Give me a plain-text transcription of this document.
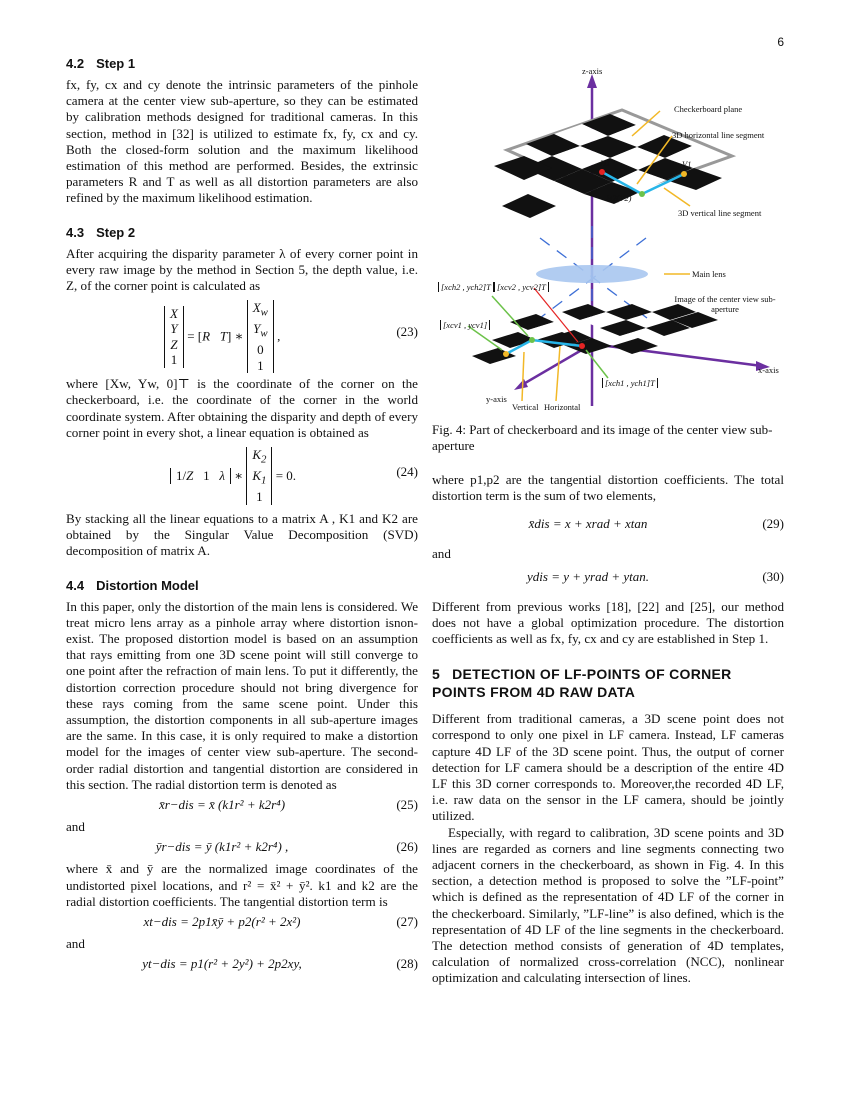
6
4.2 Step 1

fx, fy, cx and cy denote the intrinsic parameters of the pinhole camera at the center view sub-aperture, so they can be estimated by calibration methods designed for traditional cameras. In this section, method in [32] is utilized to estimate fx, fy, cx and cy. Both the closed-form solution and the maximum likelihood estimation of this method are performed. Besides, the extrinsic parameters R and T as well as all distortion parameters are also refined by the maximum likelihood estimation.

4.3 Step 2

After acquiring the disparity parameter λ of every corner point in every raw image by the method in Section 5, the depth value, i.e. Z, of the corner point is calculated as

X
Y
Z
1 = [R   T] ∗ $X_w$
$Y_w$
0
1 ,	(23)

where [Xw, Yw, 0]⊤ is the coordinate of the corner on the checkerboard, i.e. the coordinate of the corner in the world coordinate system. After obtaining the disparity and depth of every corner point in every shot, a linear equation is obtained as

1/Z   1   λ ∗ $K_2$
$K_1$
1 = 0.	(24)

By stacking all the linear equations to a matrix A , K1 and K2 are obtained by the Singular Value Decomposition (SVD) decomposition of matrix A.

4.4 Distortion Model

In this paper, only the distortion of the main lens is considered. We treat micro lens array as a pinhole array where distortion isnon-exist. The proposed distortion model is based on an assumption that rays emitting from one 3D scene point will still converge to one point after the refraction of main lens. To put it differently, the distortion correction procedure should not bring divergence for these rays coming from the same scene point. Under this assumption, the distortion components in all sub-aperture images are the same. In this case, it is only required to make a distortion model for the images of center view sub-aperture. The second-order radial distortion and tangential distortion are considered in this section. The radial distortion term is denoted as

x̄r−dis = x̄ (k1r² + k2r⁴)	(25)

and

ȳr−dis = ȳ (k1r² + k2r⁴) ,	(26)

where x̄ and ȳ are the normalized image coordinates of the undistorted pixel locations, and r² = x̄² + ȳ². k1 and k2 are the radial distortion coefficients. The tangential distortion term is

xt−dis = 2p1x̄ȳ + p2(r² + 2x²)	(27)

and

yt−dis = p1(r² + 2y²) + 2p2xy,	(28)
z-axis
Checkerboard plane
3D horizontal line segment
H1	V1
H2(V2)
3D vertical line segment
Main lens
Image of the center view sub-aperture
[xch2 , ych2]T [xcv2 , ycv2]T
[xcv1 , ycv1]
x-axis
[xch1 , ych1]T
y-axis
Vertical Horizontal

Fig. 4: Part of checkerboard and its image of the center view sub-aperture

where p1,p2 are the tangential distortion coefficients. The total distortion term is the sum of two elements,

x̄dis = x + xrad + xtan	(29)

and

ydis = y + yrad + ytan.	(30)

Different from previous works [18], [22] and [25], our method does not have a global optimization procedure. The distortion coefficients as well as fx, fy, cx and cy are established in Step 1.

5 DETECTION OF LF-POINTS OF CORNER POINTS FROM 4D RAW DATA

Different from traditional cameras, a 3D scene point does not correspond to only one pixel in LF camera. Instead, LF cameras capture 4D LF of the 3D scene point. Thus, the output of corner detection for LF camera should be a description of the entire 4D LF this 3D corner corresponds to. Moreover,the recorded 4D LF, i.e. raw data on the sensor in the LF camera, should be jointly utilized.

Especially, with regard to calibration, 3D scene points and 3D lines are regarded as corners and line segments connecting two adjacent corners in the checkerboard, as shown in Fig. 4. In this section, a detection method is proposed to solve the ”LF-point” which is defined as the representation of 4D LF of the corner in the checkerboard. Similarly, ”LF-line” is also defined, which is the representation of 4D LF of the line segments in the checkerboard. The detection method consists of generation of 4D templates, calculation of normalized cross-correlation (NCC), nonlinear optimization and calculating intersection of lines.
